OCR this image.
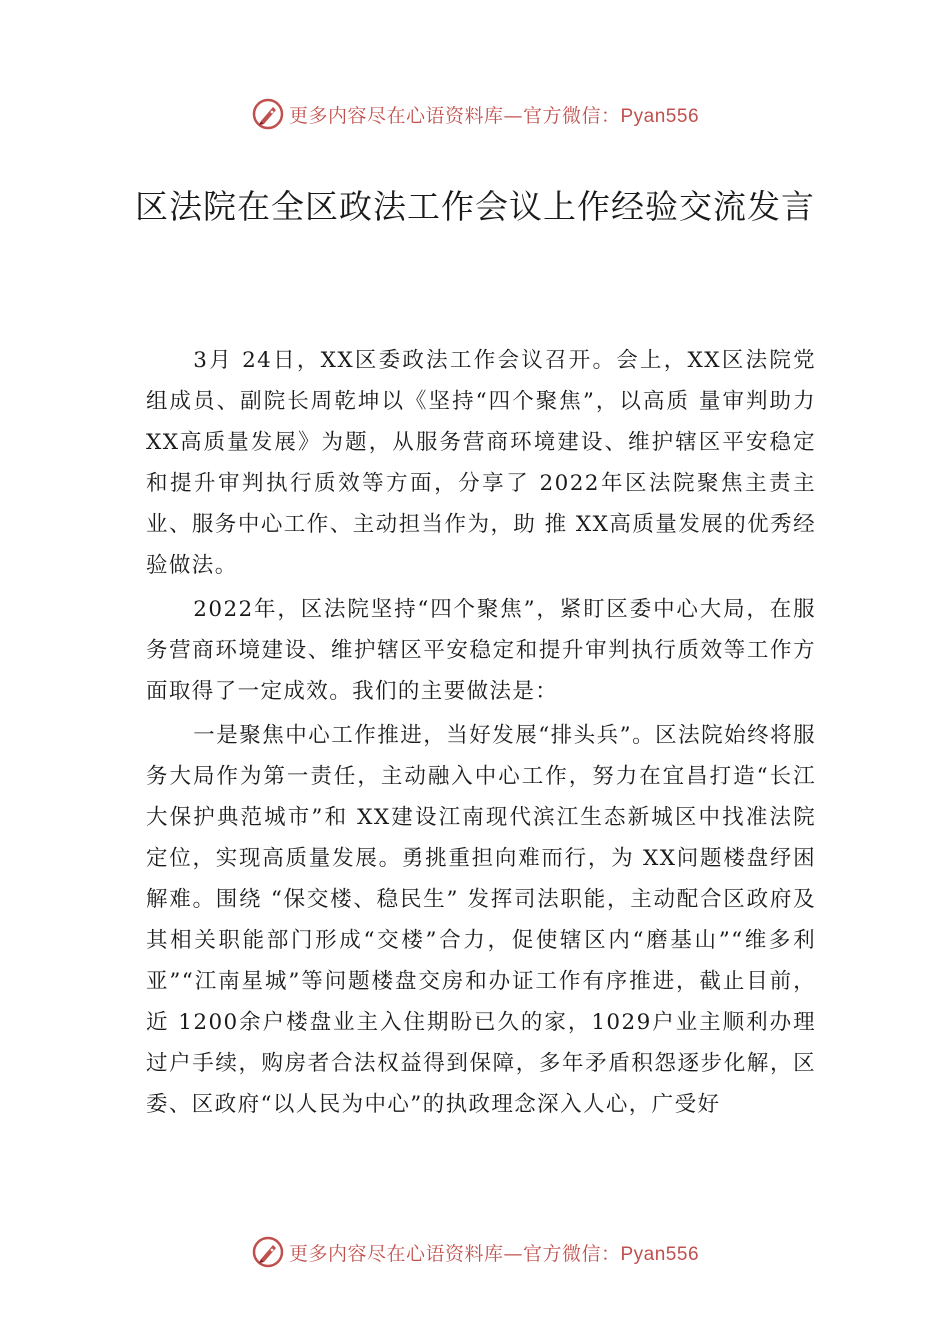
更多内容尽在心语资料库—官方微信：Pyan556
区法院在全区政法工作会议上作经验交流发言

3月 24日，XX区委政法工作会议召开。会上，XX区法院党组成员、副院长周乾坤以《坚持“四个聚焦”，以高质 量审判助力 XX高质量发展》为题，从服务营商环境建设、维护辖区平安稳定和提升审判执行质效等方面，分享了 2022年区法院聚焦主责主业、服务中心工作、主动担当作为，助 推 XX高质量发展的优秀经验做法。

2022年，区法院坚持“四个聚焦”，紧盯区委中心大局，在服务营商环境建设、维护辖区平安稳定和提升审判执行质效等工作方面取得了一定成效。我们的主要做法是：

一是聚焦中心工作推进，当好发展“排头兵”。区法院始终将服务大局作为第一责任，主动融入中心工作，努力在宜昌打造“长江大保护典范城市”和 XX建设江南现代滨江生态新城区中找准法院定位，实现高质量发展。勇挑重担向难而行，为 XX问题楼盘纾困解难。围绕 “保交楼、稳民生” 发挥司法职能，主动配合区政府及其相关职能部门形成“交楼”合力，促使辖区内“磨基山”“维多利亚”“江南星城”等问题楼盘交房和办证工作有序推进，截止目前，近 1200余户楼盘业主入住期盼已久的家，1029户业主顺利办理过户手续，购房者合法权益得到保障，多年矛盾积怨逐步化解，区委、区政府“以人民为中心”的执政理念深入人心，广受好

更多内容尽在心语资料库—官方微信：Pyan556
